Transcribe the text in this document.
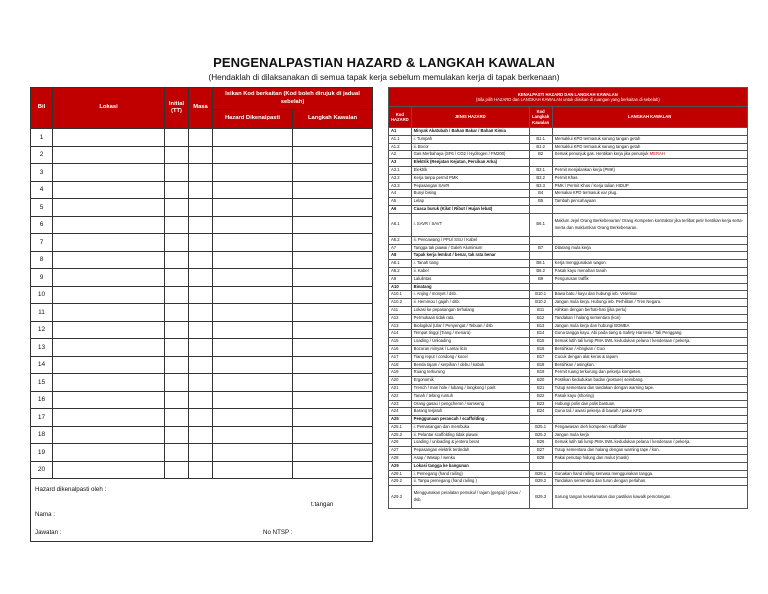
PENGENALPASTIAN HAZARD & LANGKAH KAWALAN
(Hendaklah di dilaksanakan di semua tapak kerja sebelum memulakan kerja di tapak berkenaan)
Bil	Lokasi	Initial (TT)	Masa	Isikan Kod berkaitan (Kod boleh dirujuk di jadual sebelah)	
				Hazard Dikenalpasti	Langkah Kawalan
1					
2					
3					
4					
5					
6					
7					
8					
9					
10					
11					
12					
13					
14					
15					
16					
17					
18					
19					
20					

Hazard dikenalpasti oleh :
t.tangan
Nama :
Jawatan : No NTSP :					
KENALPASTI HAZARD DAN LANGKAH KAWALAN
(Sila pilih HAZARD dan LANGKAH KAWALAN untuk diisikan di ruangan yang berkaitan di sebelah)			

Kod HAZARD	JENIS HAZARD	Kod Langkah Kawalan	LANGKAH KAWALAN
A1	Minyak Akatubah / Bahan Bakar / Bahan Kimia		
A1.1	i. Tumpah	B1.1	Memaklui KPD termasuk sarung tangan getah
A1.2	ii. Bocor	B1.2	Memaklui KPD termasuk sarung tangan getah
A2	Gas Merbahaya (SF6 / CO2 / Hydrogen / FM200)	B2	Semak penunjuk gas. Hentikan kerja jika penunjuk MERAH
A3	Elektrik (Renjatan Kejutan, Percikan Arka)		
A3.1	Elektrik	B3.1	Permit menjalankan kerja (PMK)
A3.2	Kerja tanpa permit PMK	B3.2	Permit Khas
A3.3	Pepasangan SAVR	B3.3	PMK / Permit Khas / Kerja talian HIDUP
A4	Bunyi bising	B4	Memakai KPD termasuk ear plug.
A5	Lelap	B5	Tambah pencahayaan
A6	Cuaca buruk (Kilat / Ribut / Hujan lebat)		
A6.1	i. SAVR / SAVT	B6.1	Maklum Jejel Orang Berkebenaran/ Orang Kompeten kontraktor jika terlibat petir hentikan kerja serta-merta dan maklumkan Orang Berkebenaran.
A6.2	ii. Pencawang / PPU/ SSU / Kabel		
A7	Tangga tak piawai / Galeh Aluminium	B7	Dilarang mula kerja
A8	Tapak kerja lembut / benar, tak rata benar		
A8.1	i. Tanah tiang	B8.1	Kerja menggunakan wagon
A8.2	ii. Kabel	B8.2	Pasak kayu menahan tanah
A9	Lalulintas	B9	Pengurusan traffik
A10	Binatang		
A10.1	i. Anjing / monyet / dsb.	B10.1	Bawa batu / kayu dan hubungi ieb. Veterinar
A10.2	ii. Hemmou / gajah / dsb.	B10.2	Jangan mula kerja. Hubungi ieb. Perhilitan / Tren Negara.
A11	Lokasi ke pepasangan terhalang	B11	Alihkan dengan berhati-hati (jika perlu)
A12	Permukaan tidak rata	B12	Tandakan / halang sementara (kon)
A13	Biologikal (Ular / Penyengat / Tebuan / dsb	B13	Jangan mula kerja dan hubungi BOMBA
A14	Tempat tinggi (Tiang / menara)	B14	Guna tangga kayu. Abi pada tiang & Safety Harness / Tali Penggang
A15	Loading / Unloading	B15	Semak lutih tali lump PMA SWL kedudukan pelana / kenderaan / pekerja.
A16	Bocoran minyak / Lantai licin	B16	Bersihkan / Abngkan / Cuci
A17	Tiang reput / condong / kocel	B17	Cucuk dengan alat keras & tapam
A18	Benda tajam / serpihan / debu / kabuk	B18	Bersihkan / asingkan.
A19	Ruang terkurung	B19	Permit ruang terkurung dan pekerja kompeten.
A20	Ergonomik	B20	Postikan kedudukan badan (posture) seimbang.
A21	Trench / man hole / lubang / longkong / parit	B21	Tutup sementara dan tandakan dengan warning tape.
A22	Tanah / tebing runtuh	B22	Pasak kayu (shoring)
A23	Orang gasau / pengcheron / samseng	B23	Hubungi polis dan polis bantuan.
A24	Barang terjatuh	B24	Guna tali / awasi pekerja di bawah / pakai KPD
A25	Penggunaan perancah / scaffolding .		
A25.1	i. Pemasangan dan membuka	B25.1	Pengawasan oleh kompeten scaffolder
A25.2	ii. Pelantar scaffolding tidak piawai	B25.2	Jangan mula kerja
A26	Loading / unloading & jentera berat	B26	Semak lutih tali lump PMA SWL kedudukan pelana / kenderaan / pekerja.
A27	Pepasangan elektrik terdedah	B27	Tutup sementara dan halang dengan warning tape / kon.
A28	Asap / Wasap / wenku	B28	Pakai penutup hidung dan mulut (mask)
A29	Lokasi tangga ke bangunan		
A29.1	i. Pemegang (hand railing)	B29.1	Gunakan hand railing semasa menggunakan tangga.
A29.2	ii. Tanpa pemegang (hand railing )	B29.2	Tandakan sementara dan turun dengan perlahan.
A29.3	Menggunakan peralatan pemukul / tajam (gergaji / pisau / dsb.	B29.3	Sarung tangan keselamatan dan pastikan kawalk pemotongan.
